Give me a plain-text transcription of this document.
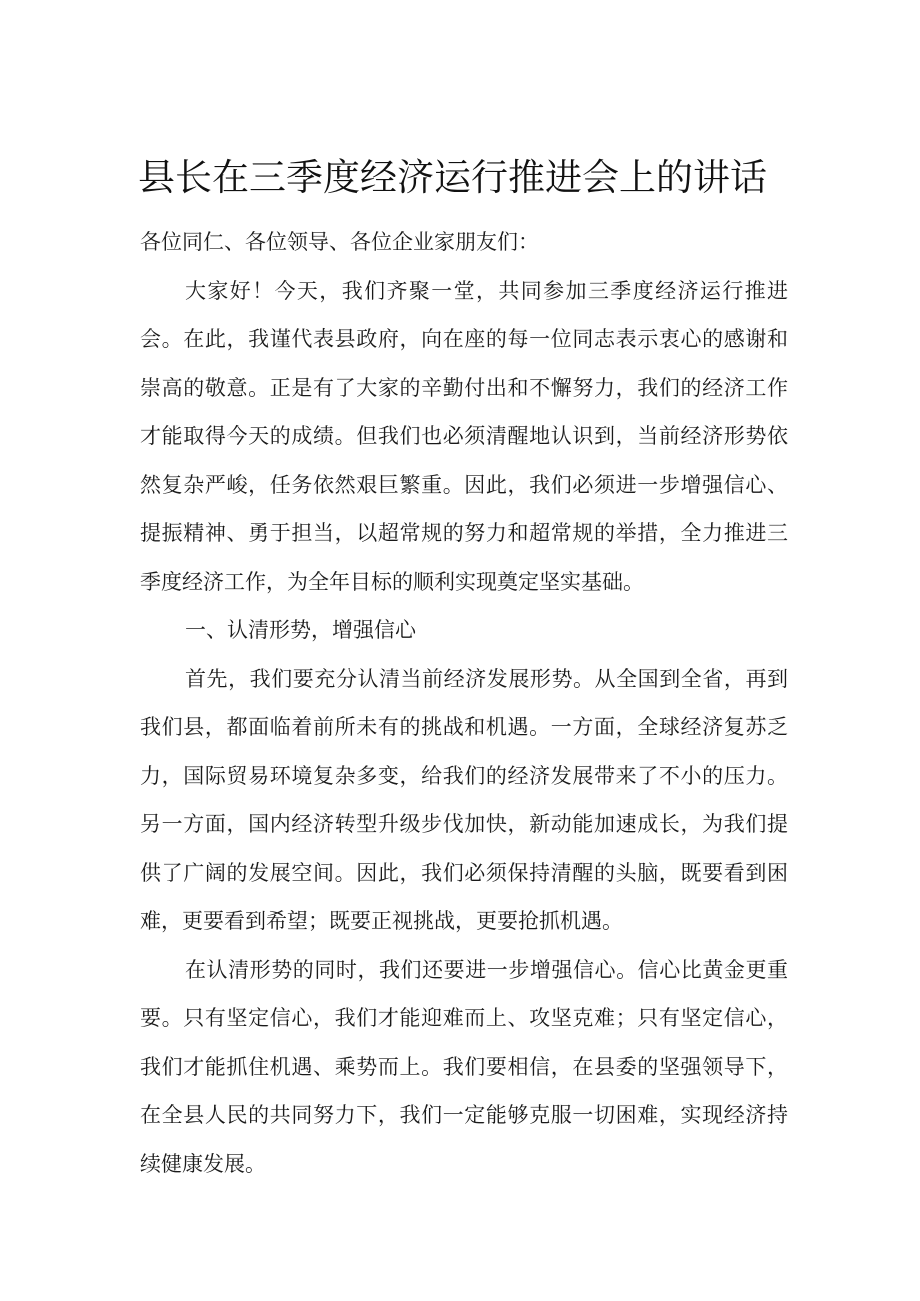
县长在三季度经济运行推进会上的讲话

各位同仁、各位领导、各位企业家朋友们：

大家好！今天，我们齐聚一堂，共同参加三季度经济运行推进会。在此，我谨代表县政府，向在座的每一位同志表示衷心的感谢和崇高的敬意。正是有了大家的辛勤付出和不懈努力，我们的经济工作才能取得今天的成绩。但我们也必须清醒地认识到，当前经济形势依然复杂严峻，任务依然艰巨繁重。因此，我们必须进一步增强信心、提振精神、勇于担当，以超常规的努力和超常规的举措，全力推进三季度经济工作，为全年目标的顺利实现奠定坚实基础。

一、认清形势，增强信心

首先，我们要充分认清当前经济发展形势。从全国到全省，再到我们县，都面临着前所未有的挑战和机遇。一方面，全球经济复苏乏力，国际贸易环境复杂多变，给我们的经济发展带来了不小的压力。另一方面，国内经济转型升级步伐加快，新动能加速成长，为我们提供了广阔的发展空间。因此，我们必须保持清醒的头脑，既要看到困难，更要看到希望；既要正视挑战，更要抢抓机遇。

在认清形势的同时，我们还要进一步增强信心。信心比黄金更重要。只有坚定信心，我们才能迎难而上、攻坚克难；只有坚定信心，我们才能抓住机遇、乘势而上。我们要相信，在县委的坚强领导下，在全县人民的共同努力下，我们一定能够克服一切困难，实现经济持续健康发展。
